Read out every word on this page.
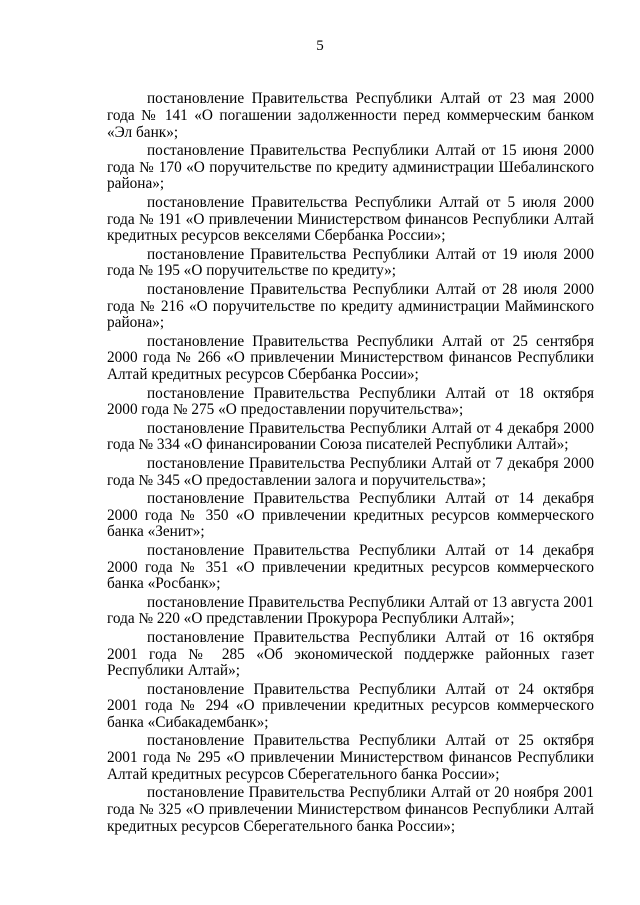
5

постановление Правительства Республики Алтай от 23 мая 2000 года № 141 «О погашении задолженности перед коммерческим банком «Эл банк»;

постановление Правительства Республики Алтай от 15 июня 2000 года № 170 «О поручительстве по кредиту администрации Шебалинского района»;

постановление Правительства Республики Алтай от 5 июля 2000 года № 191 «О привлечении Министерством финансов Республики Алтай кредитных ресурсов векселями Сбербанка России»;

постановление Правительства Республики Алтай от 19 июля 2000 года № 195 «О поручительстве по кредиту»;

постановление Правительства Республики Алтай от 28 июля 2000 года № 216 «О поручительстве по кредиту администрации Майминского района»;

постановление Правительства Республики Алтай от 25 сентября 2000 года № 266 «О привлечении Министерством финансов Республики Алтай кредитных ресурсов Сбербанка России»;

постановление Правительства Республики Алтай от 18 октября 2000 года № 275 «О предоставлении поручительства»;

постановление Правительства Республики Алтай от 4 декабря 2000 года № 334 «О финансировании Союза писателей Республики Алтай»;

постановление Правительства Республики Алтай от 7 декабря 2000 года № 345 «О предоставлении залога и поручительства»;

постановление Правительства Республики Алтай от 14 декабря 2000 года № 350 «О привлечении кредитных ресурсов коммерческого банка «Зенит»;

постановление Правительства Республики Алтай от 14 декабря 2000 года № 351 «О привлечении кредитных ресурсов коммерческого банка «Росбанк»;

постановление Правительства Республики Алтай от 13 августа 2001 года № 220 «О представлении Прокурора Республики Алтай»;

постановление Правительства Республики Алтай от 16 октября 2001 года № 285 «Об экономической поддержке районных газет Республики Алтай»;

постановление Правительства Республики Алтай от 24 октября 2001 года № 294 «О привлечении кредитных ресурсов коммерческого банка «Сибакадембанк»;

постановление Правительства Республики Алтай от 25 октября 2001 года № 295 «О привлечении Министерством финансов Республики Алтай кредитных ресурсов Сберегательного банка России»;

постановление Правительства Республики Алтай от 20 ноября 2001 года № 325 «О привлечении Министерством финансов Республики Алтай кредитных ресурсов Сберегательного банка России»;
